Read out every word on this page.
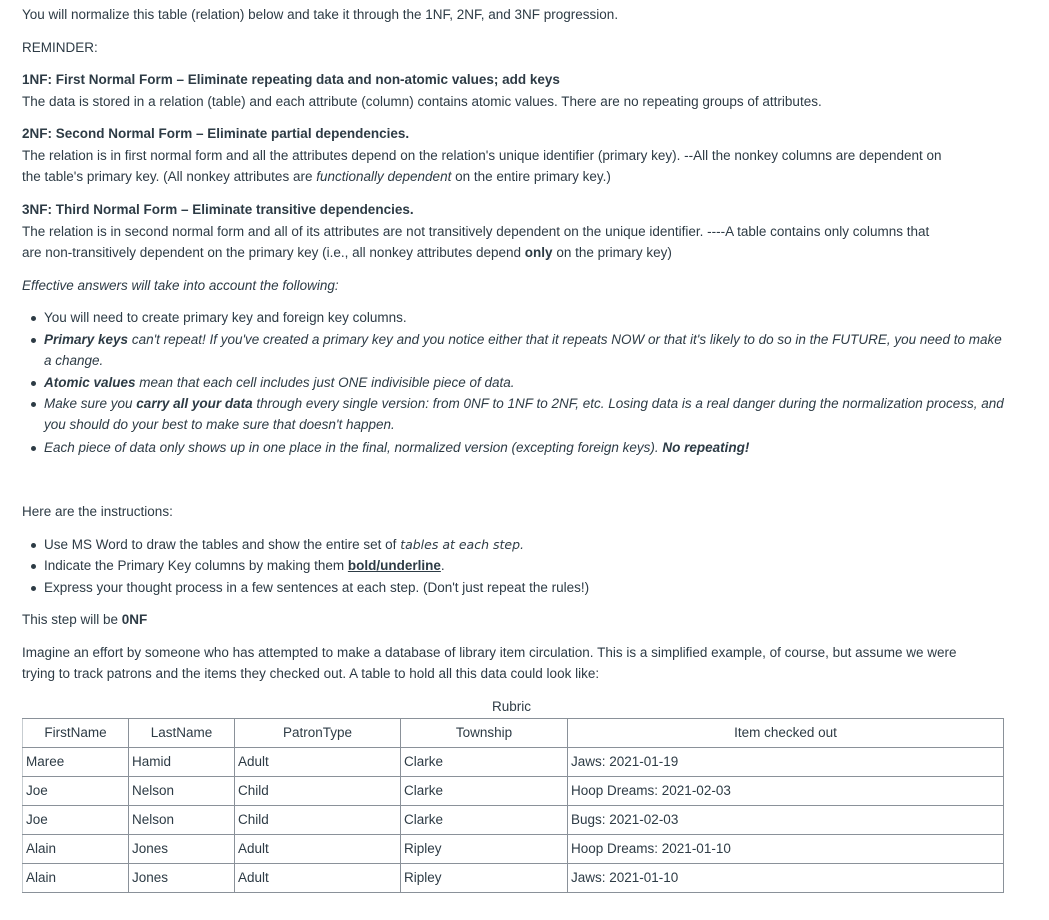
You will normalize this table (relation) below and take it through the 1NF, 2NF, and 3NF progression.
REMINDER:
1NF: First Normal Form – Eliminate repeating data and non-atomic values; add keys
The data is stored in a relation (table) and each attribute (column) contains atomic values. There are no repeating groups of attributes.
2NF: Second Normal Form – Eliminate partial dependencies.
The relation is in first normal form and all the attributes depend on the relation's unique identifier (primary key). --All the nonkey columns are dependent on
the table's primary key. (All nonkey attributes are functionally dependent on the entire primary key.)
3NF: Third Normal Form – Eliminate transitive dependencies.
The relation is in second normal form and all of its attributes are not transitively dependent on the unique identifier. ----A table contains only columns that
are non-transitively dependent on the primary key (i.e., all nonkey attributes depend only on the primary key)
Effective answers will take into account the following:
You will need to create primary key and foreign key columns.
Primary keys can't repeat! If you've created a primary key and you notice either that it repeats NOW or that it's likely to do so in the FUTURE, you need to make
a change.
Atomic values mean that each cell includes just ONE indivisible piece of data.
Make sure you carry all your data through every single version: from 0NF to 1NF to 2NF, etc. Losing data is a real danger during the normalization process, and
you should do your best to make sure that doesn't happen.
Each piece of data only shows up in one place in the final, normalized version (excepting foreign keys). No repeating!
Here are the instructions:
Use MS Word to draw the tables and show the entire set of tables at each step.
Indicate the Primary Key columns by making them bold/underline.
Express your thought process in a few sentences at each step. (Don't just repeat the rules!)
This step will be 0NF
Imagine an effort by someone who has attempted to make a database of library item circulation. This is a simplified example, of course, but assume we were
trying to track patrons and the items they checked out. A table to hold all this data could look like:
Rubric
FirstName	LastName	PatronType	Township	Item checked out
Maree	Hamid	Adult	Clarke	Jaws: 2021-01-19
Joe	Nelson	Child	Clarke	Hoop Dreams: 2021-02-03
Joe	Nelson	Child	Clarke	Bugs: 2021-02-03
Alain	Jones	Adult	Ripley	Hoop Dreams: 2021-01-10
Alain	Jones	Adult	Ripley	Jaws: 2021-01-10
